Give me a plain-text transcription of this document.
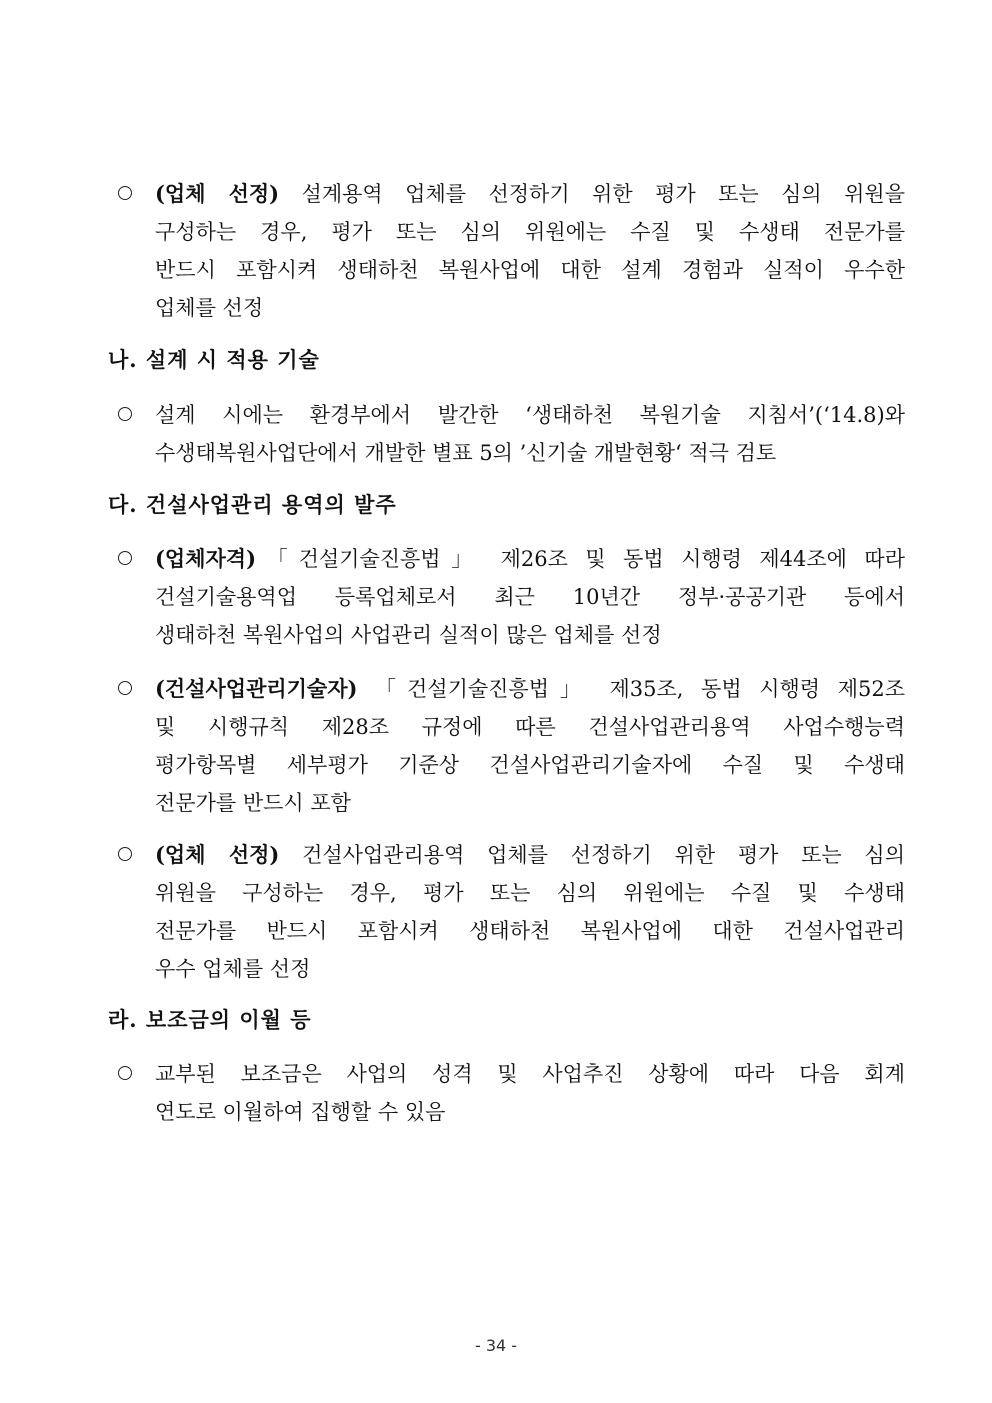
(업체 선정) 설계용역 업체를 선정하기 위한 평가 또는 심의 위원을
구성하는 경우, 평가 또는 심의 위원에는 수질 및 수생태 전문가를
반드시 포함시켜 생태하천 복원사업에 대한 설계 경험과 실적이 우수한
업체를 선정
나. 설계 시 적용 기술
설계 시에는 환경부에서 발간한 ‘생태하천 복원기술 지침서’(‘14.8)와
수생태복원사업단에서 개발한 별표 5의 ’신기술 개발현황‘ 적극 검토
다. 건설사업관리 용역의 발주
(업체자격)「건설기술진흥법」 제26조 및 동법 시행령 제44조에 따라
건설기술용역업 등록업체로서 최근 10년간 정부·공공기관 등에서
생태하천 복원사업의 사업관리 실적이 많은 업체를 선정
(건설사업관리기술자) 「건설기술진흥법」 제35조, 동법 시행령 제52조
및 시행규칙 제28조 규정에 따른 건설사업관리용역 사업수행능력
평가항목별 세부평가 기준상 건설사업관리기술자에 수질 및 수생태
전문가를 반드시 포함
(업체 선정) 건설사업관리용역 업체를 선정하기 위한 평가 또는 심의
위원을 구성하는 경우, 평가 또는 심의 위원에는 수질 및 수생태
전문가를 반드시 포함시켜 생태하천 복원사업에 대한 건설사업관리
우수 업체를 선정
라. 보조금의 이월 등
교부된 보조금은 사업의 성격 및 사업추진 상황에 따라 다음 회계
연도로 이월하여 집행할 수 있음
- 34 -
